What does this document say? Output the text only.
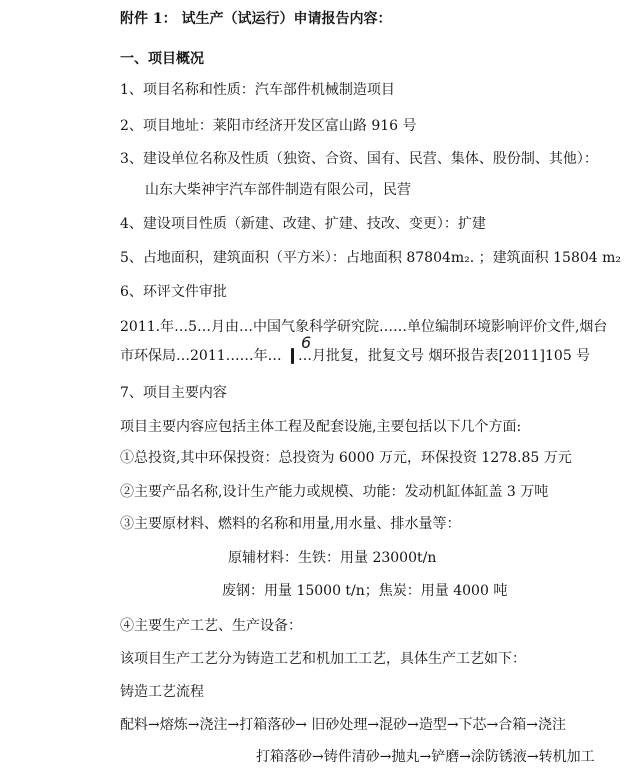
附件 1： 试生产（试运行）申请报告内容：
一、项目概况
1、项目名称和性质：汽车部件机械制造项目
2、项目地址：莱阳市经济开发区富山路 916 号
3、建设单位名称及性质（独资、合资、国有、民营、集体、股份制、其他）：
山东大柴神宇汽车部件制造有限公司，民营
4、建设项目性质（新建、改建、扩建、技改、变更）：扩建
5、占地面积，建筑面积（平方米）：占地面积 87804m₂. ；建筑面积 15804 m₂
6、环评文件审批
2011.年…5…月由…中国气象科学研究院……单位编制环境影响评价文件,烟台
市环保局…2011……年…
6
…月批复，批复文号 烟环报告表[2011]105 号
7、项目主要内容
项目主要内容应包括主体工程及配套设施,主要包括以下几个方面:
①总投资,其中环保投资：总投资为 6000 万元，环保投资 1278.85 万元
②主要产品名称,设计生产能力或规模、功能：发动机缸体缸盖 3 万吨
③主要原材料、燃料的名称和用量,用水量、排水量等：
原辅材料：生铁：用量 23000t/n
废钢：用量 15000 t/n；焦炭：用量 4000 吨
④主要生产工艺、生产设备：
该项目生产工艺分为铸造工艺和机加工工艺，具体生产工艺如下：
铸造工艺流程
配料→熔炼→浇注→打箱落砂→ 旧砂处理→混砂→造型→下芯→合箱→浇注
打箱落砂→铸件清砂→抛丸→铲磨→涂防锈液→转机加工
